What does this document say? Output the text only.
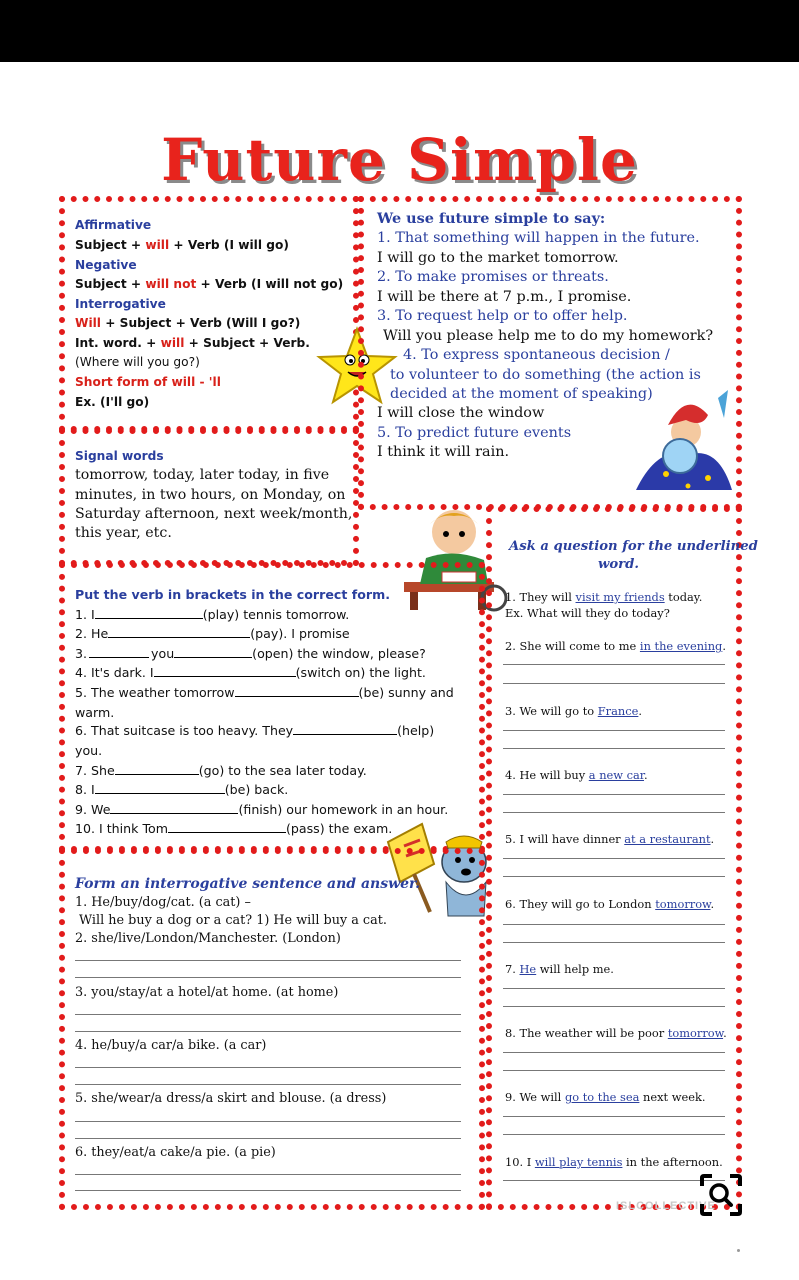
Future Simple
Affirmative
Subject + will + Verb (I will go)
Negative
Subject + will not + Verb (I will not go)
Interrogative
Will + Subject + Verb (Will I go?)
Int. word. + will + Subject + Verb.
(Where will you go?)
Short form of will - 'll
Ex. (I'll go)
We use future simple to say:
1. That something will happen in the future.
I will go to the market tomorrow.
2. To make promises or threats.
I will be there at 7 p.m., I promise.
3. To request help or to offer help.
Will you please help me to do my homework?
4. To express spontaneous decision /
to volunteer to do something (the action is
decided at the moment of speaking)
I will close the window
5. To predict future events
I think it will rain.
Signal words
tomorrow, today, later today, in five
minutes, in two hours, on Monday, on
Saturday afternoon, next week/month,
this year, etc.
Put the verb in brackets in the correct form.
1. I	(play) tennis tomorrow.
2. He	(pay). I promise
3.	you	(open) the window, please?
4. It's dark. I	(switch on) the light.
5. The weather tomorrow	(be) sunny and
warm.
6. That suitcase is too heavy. They	(help)
you.
7. She	(go) to the sea later today.
8. I	(be) back.
9. We	(finish) our homework in an hour.
10. I think Tom	(pass) the exam.
Ask a question for the underlined
word.
1. They will visit my friends today.
Ex. What will they do today?
2. She will come to me in the evening.
3. We will go to France.
4. He will buy a new car.
5. I will have dinner at a restaurant.
6. They will go to London tomorrow.
7. He will help me.
8. The weather will be poor tomorrow.
9. We will go to the sea next week.
10. I will play tennis in the afternoon.
Form an interrogative sentence and answer.
1. He/buy/dog/cat. (a cat) –
Will he buy a dog or a cat? 1) He will buy a cat.
2. she/live/London/Manchester. (London)
3. you/stay/at a hotel/at home. (at home)
4. he/buy/a car/a bike. (a car)
5. she/wear/a dress/a skirt and blouse. (a dress)
6. they/eat/a cake/a pie. (a pie)
ISLCOLLECTIVE
